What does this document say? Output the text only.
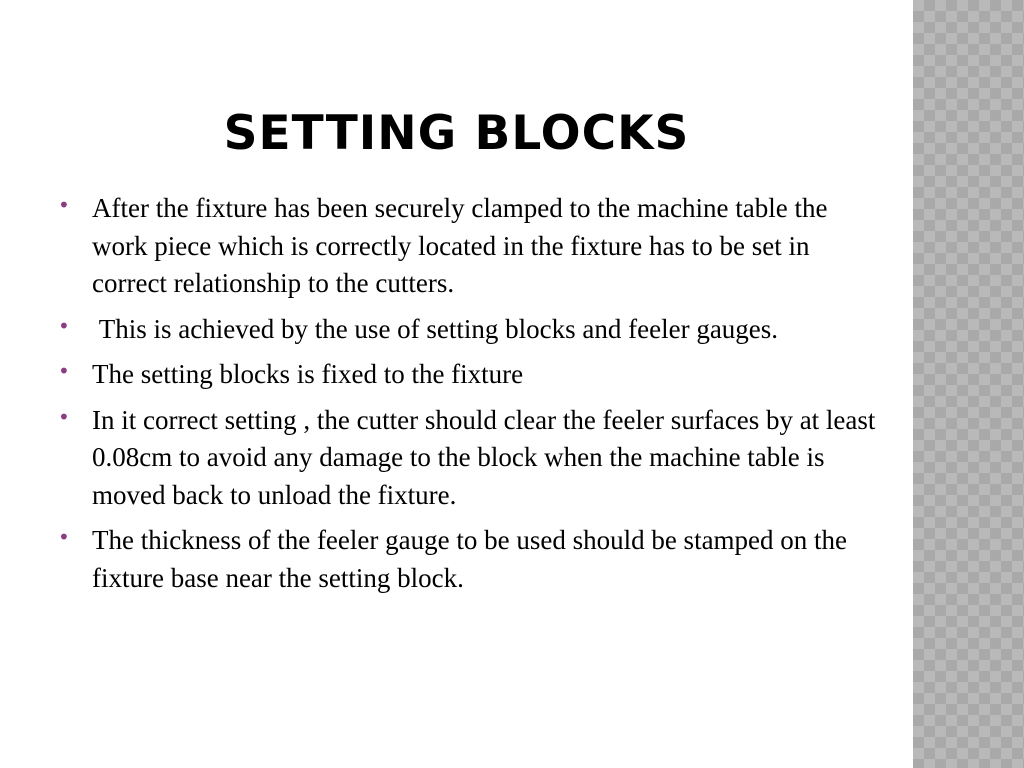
SETTING BLOCKS
• After the fixture has been securely clamped to the machine table the work piece which is correctly located in the fixture has to be set in correct relationship to the cutters.
• This is achieved by the use of setting blocks and feeler gauges.
• The setting blocks is fixed to the fixture
• In it correct setting , the cutter should clear the feeler surfaces by at least 0.08cm to avoid any damage to the block when the machine table is moved back to unload the fixture.
• The thickness of the feeler gauge to be used should be stamped on the fixture base near the setting block.
